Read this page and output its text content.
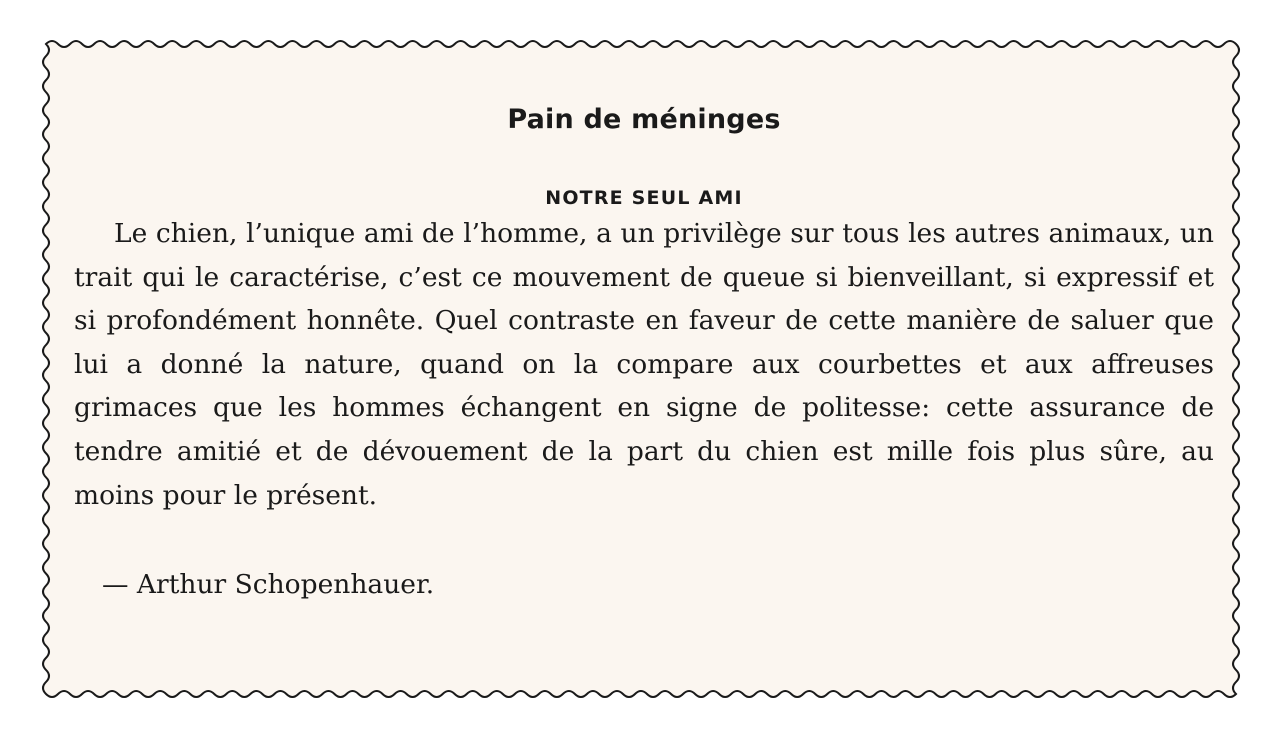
Pain de méninges
NOTRE SEUL AMI

Le chien, l’unique ami de l’homme, a un privilège sur tous les autres animaux, un trait qui le caractérise, c’est ce mouvement de queue si bienveillant, si expressif et si profondément honnête. Quel contraste en faveur de cette manière de saluer que lui a donné la nature, quand on la compare aux courbettes et aux affreuses grimaces que les hommes échangent en signe de politesse: cette assurance de tendre amitié et de dévouement de la part du chien est mille fois plus sûre, au moins pour le présent.

— Arthur Schopenhauer.
